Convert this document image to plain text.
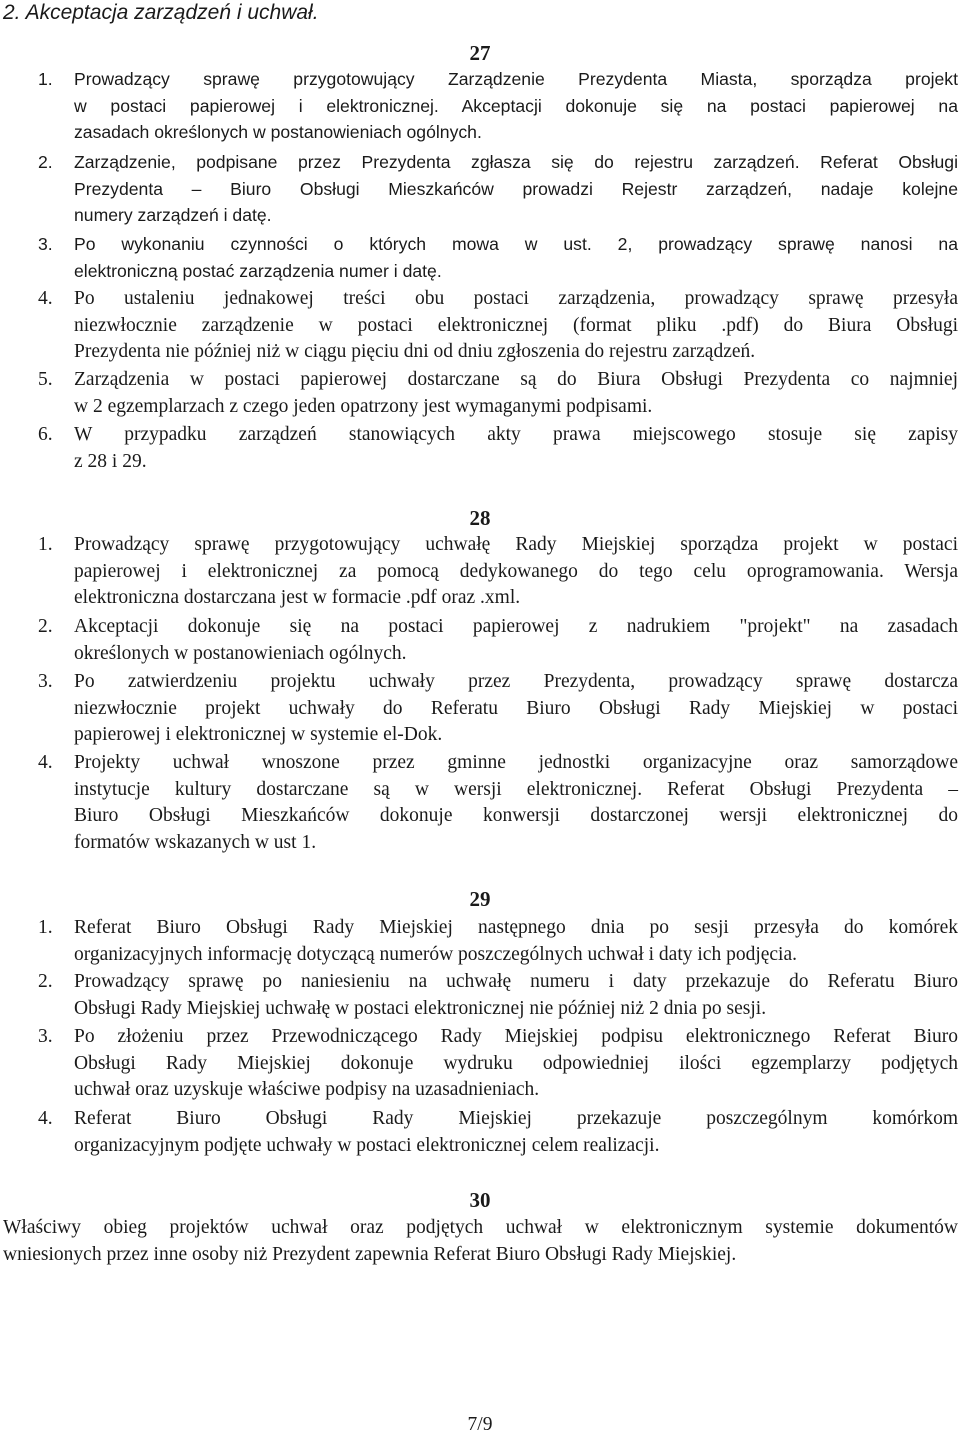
2. Akceptacja zarządzeń i uchwał.
27
1.	Prowadzący sprawę przygotowujący Zarządzenie Prezydenta Miasta, sporządza projekt
w postaci papierowej i elektronicznej. Akceptacji dokonuje się na postaci papierowej na
zasadach określonych w postanowieniach ogólnych.
2.	Zarządzenie, podpisane przez Prezydenta zgłasza się do rejestru zarządzeń. Referat Obsługi
Prezydenta – Biuro Obsługi Mieszkańców prowadzi Rejestr zarządzeń, nadaje kolejne
numery zarządzeń i datę.
3.	Po wykonaniu czynności o których mowa w ust. 2, prowadzący sprawę nanosi na
elektroniczną postać zarządzenia numer i datę.
4.	Po ustaleniu jednakowej treści obu postaci zarządzenia, prowadzący sprawę przesyła
niezwłocznie zarządzenie w postaci elektronicznej (format pliku .pdf) do Biura Obsługi
Prezydenta nie później niż w ciągu pięciu dni od dniu zgłoszenia do rejestru zarządzeń.
5.	Zarządzenia w postaci papierowej dostarczane są do Biura Obsługi Prezydenta co najmniej
w 2 egzemplarzach z czego jeden opatrzony jest wymaganymi podpisami.
6.	W przypadku zarządzeń stanowiących akty prawa miejscowego stosuje się zapisy
z 28 i 29.
28
1.	Prowadzący sprawę przygotowujący uchwałę Rady Miejskiej sporządza projekt w postaci
papierowej i elektronicznej za pomocą dedykowanego do tego celu oprogramowania. Wersja
elektroniczna dostarczana jest w formacie .pdf oraz .xml.
2.	Akceptacji dokonuje się na postaci papierowej z nadrukiem "projekt" na zasadach
określonych w postanowieniach ogólnych.
3.	Po zatwierdzeniu projektu uchwały przez Prezydenta, prowadzący sprawę dostarcza
niezwłocznie projekt uchwały do Referatu Biuro Obsługi Rady Miejskiej w postaci
papierowej i elektronicznej w systemie el-Dok.
4.	Projekty uchwał wnoszone przez gminne jednostki organizacyjne oraz samorządowe
instytucje kultury dostarczane są w wersji elektronicznej. Referat Obsługi Prezydenta –
Biuro Obsługi Mieszkańców dokonuje konwersji dostarczonej wersji elektronicznej do
formatów wskazanych w ust 1.
29
1.	Referat Biuro Obsługi Rady Miejskiej następnego dnia po sesji przesyła do komórek
organizacyjnych informację dotyczącą numerów poszczególnych uchwał i daty ich podjęcia.
2.	Prowadzący sprawę po naniesieniu na uchwałę numeru i daty przekazuje do Referatu Biuro
Obsługi Rady Miejskiej uchwałę w postaci elektronicznej nie później niż 2 dnia po sesji.
3.	Po złożeniu przez Przewodniczącego Rady Miejskiej podpisu elektronicznego Referat Biuro
Obsługi Rady Miejskiej dokonuje wydruku odpowiedniej ilości egzemplarzy podjętych
uchwał oraz uzyskuje właściwe podpisy na uzasadnieniach.
4.	Referat Biuro Obsługi Rady Miejskiej przekazuje poszczególnym komórkom
organizacyjnym podjęte uchwały w postaci elektronicznej celem realizacji.
30
Właściwy obieg projektów uchwał oraz podjętych uchwał w elektronicznym systemie dokumentów
wniesionych przez inne osoby niż Prezydent zapewnia Referat Biuro Obsługi Rady Miejskiej.
7/9
